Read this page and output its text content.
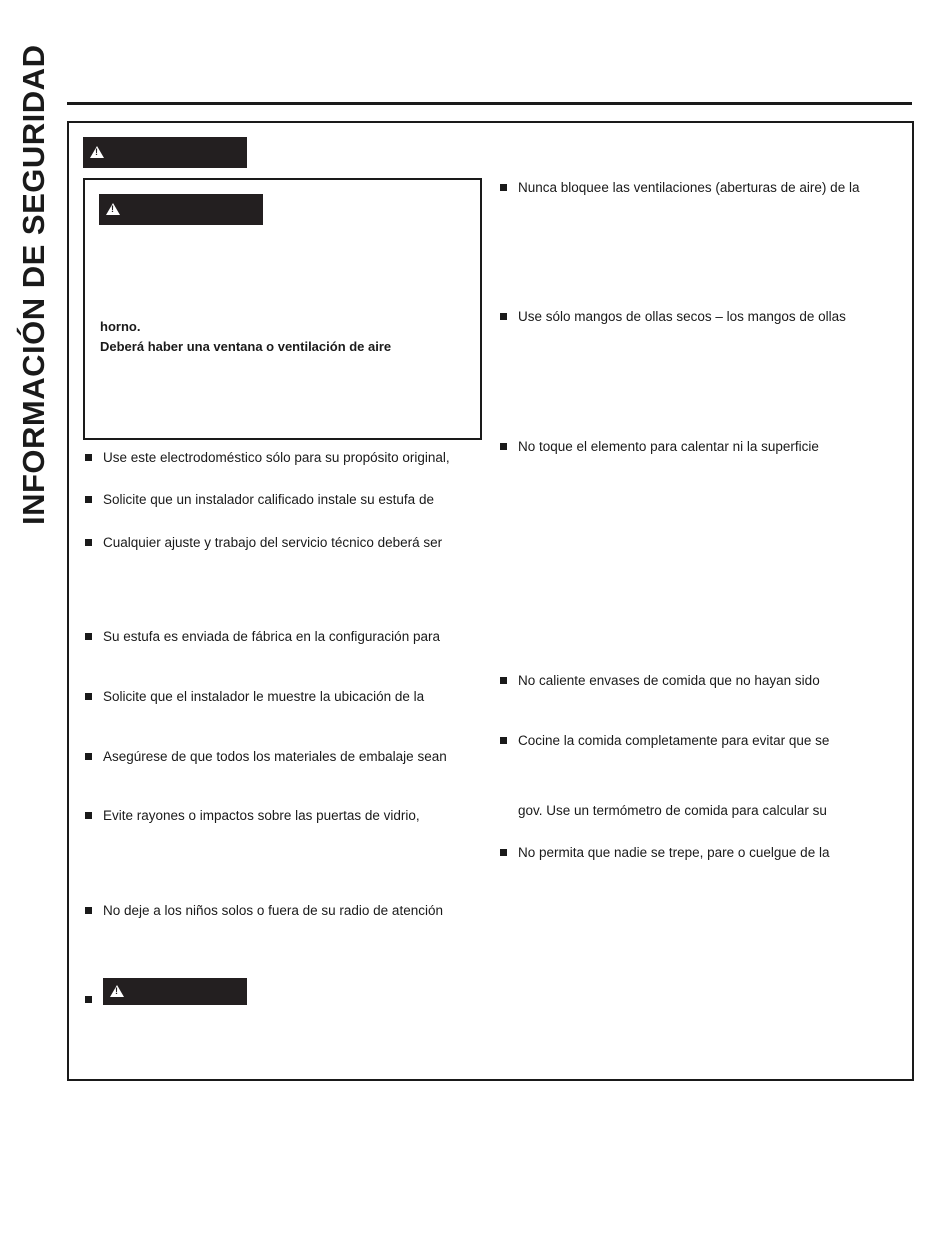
INFORMACIÓN DE SEGURIDAD
!
!	horno.
Deberá haber una ventana o ventilación de aire
Use este electrodoméstico sólo para su propósito original,
Solicite que un instalador calificado instale su estufa de
Cualquier ajuste y trabajo del servicio técnico deberá ser
Su estufa es enviada de fábrica en la configuración para
Solicite que el instalador le muestre la ubicación de la
Asegúrese de que todos los materiales de embalaje sean
Evite rayones o impactos sobre las puertas de vidrio,
No deje a los niños solos o fuera de su radio de atención
!
Nunca bloquee las ventilaciones (aberturas de aire) de la
Use sólo mangos de ollas secos – los mangos de ollas
No toque el elemento para calentar ni la superficie
No caliente envases de comida que no hayan sido
Cocine la comida completamente para evitar que se
gov. Use un termómetro de comida para calcular su
No permita que nadie se trepe, pare o cuelgue de la
